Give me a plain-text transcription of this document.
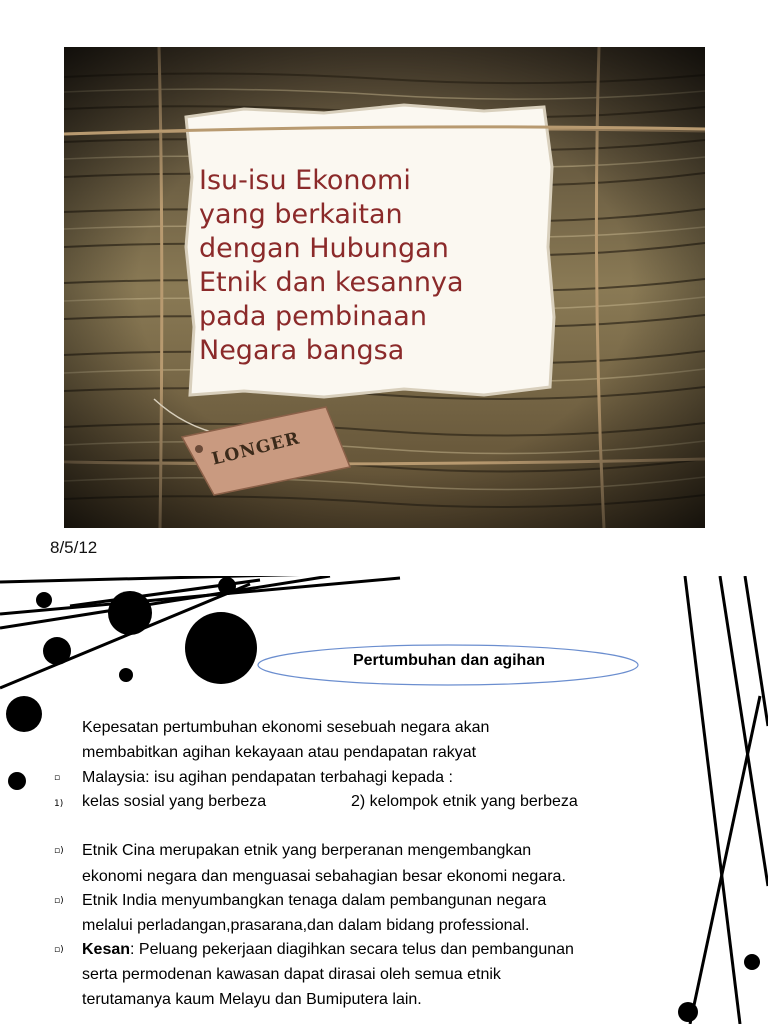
Isu-isu Ekonomi
yang berkaitan
dengan Hubungan
Etnik dan kesannya
pada pembinaan
Negara bangsa
LONGER
8/5/12
Pertumbuhan dan agihan
Kepesatan pertumbuhan ekonomi sesebuah negara akan
membabitkan agihan kekayaan atau pendapatan rakyat
▫ Malaysia: isu agihan pendapatan terbahagi kepada :
1) kelas sosial yang berbeza	2) kelompok etnik yang berbeza
▫) Etnik Cina merupakan etnik yang berperanan mengembangkan
ekonomi negara dan menguasai sebahagian besar ekonomi negara.
▫) Etnik India menyumbangkan tenaga dalam pembangunan negara
melalui perladangan,prasarana,dan dalam bidang professional.
▫) Kesan: Peluang pekerjaan diagihkan secara telus dan pembangunan
serta permodenan kawasan dapat dirasai oleh semua etnik
terutamanya kaum Melayu dan Bumiputera lain.
